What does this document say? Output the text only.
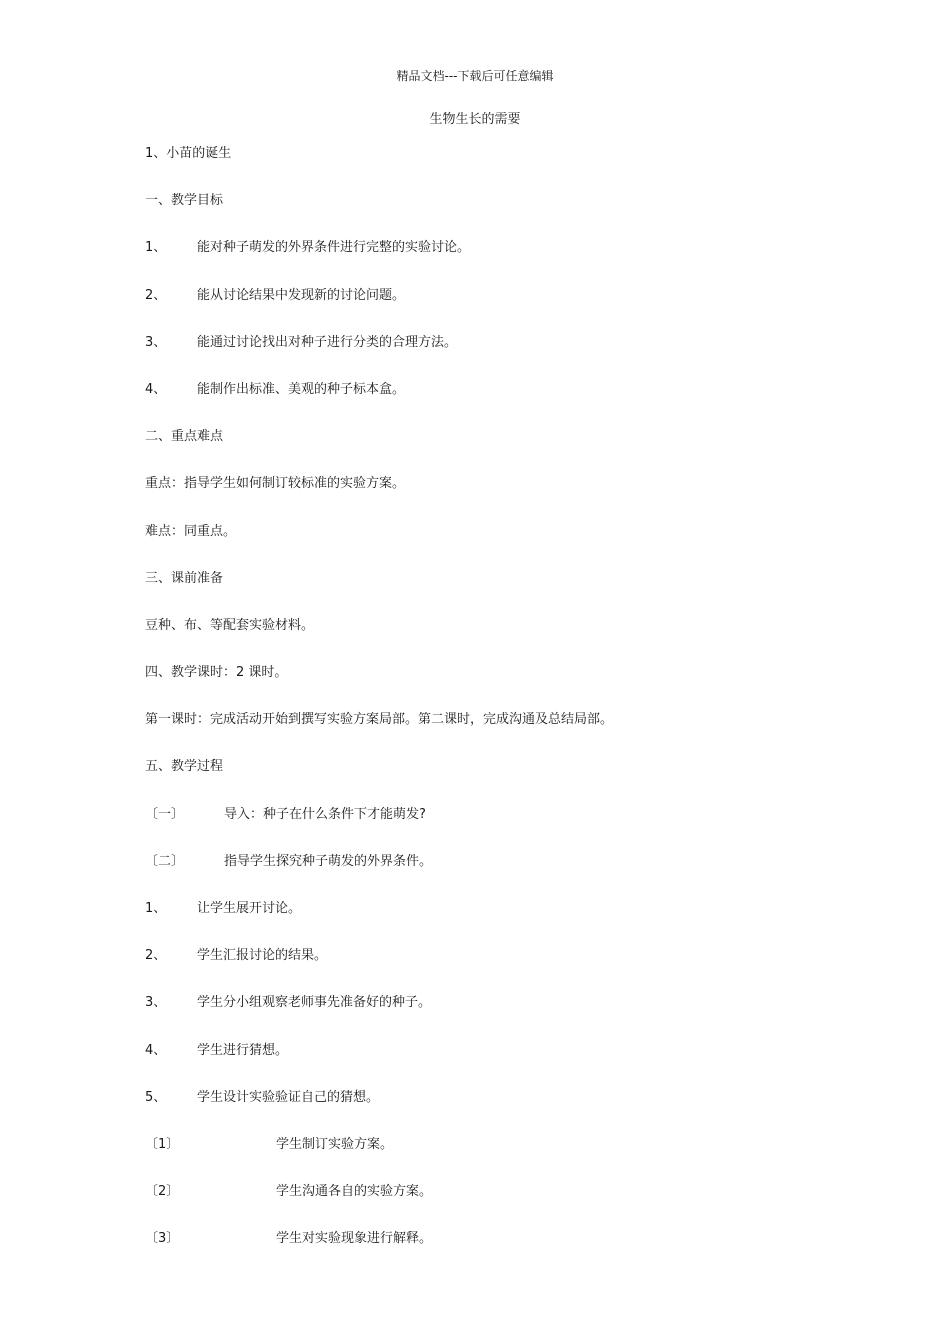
精品文档---下载后可任意编辑
生物生长的需要
1、小苗的诞生
一、教学目标
1、	能对种子萌发的外界条件进行完整的实验讨论。
2、	能从讨论结果中发现新的讨论问题。
3、	能通过讨论找出对种子进行分类的合理方法。
4、	能制作出标准、美观的种子标本盒。
二、重点难点
重点：指导学生如何制订较标准的实验方案。
难点：同重点。
三、课前准备
豆种、布、等配套实验材料。
四、教学课时：2 课时。
第一课时：完成活动开始到撰写实验方案局部。第二课时，完成沟通及总结局部。
五、教学过程
〔一〕	导入：种子在什么条件下才能萌发?
〔二〕	指导学生探究种子萌发的外界条件。
1、	让学生展开讨论。
2、	学生汇报讨论的结果。
3、	学生分小组观察老师事先准备好的种子。
4、	学生进行猜想。
5、	学生设计实验验证自己的猜想。
〔1〕	学生制订实验方案。
〔2〕	学生沟通各自的实验方案。
〔3〕	学生对实验现象进行解释。
